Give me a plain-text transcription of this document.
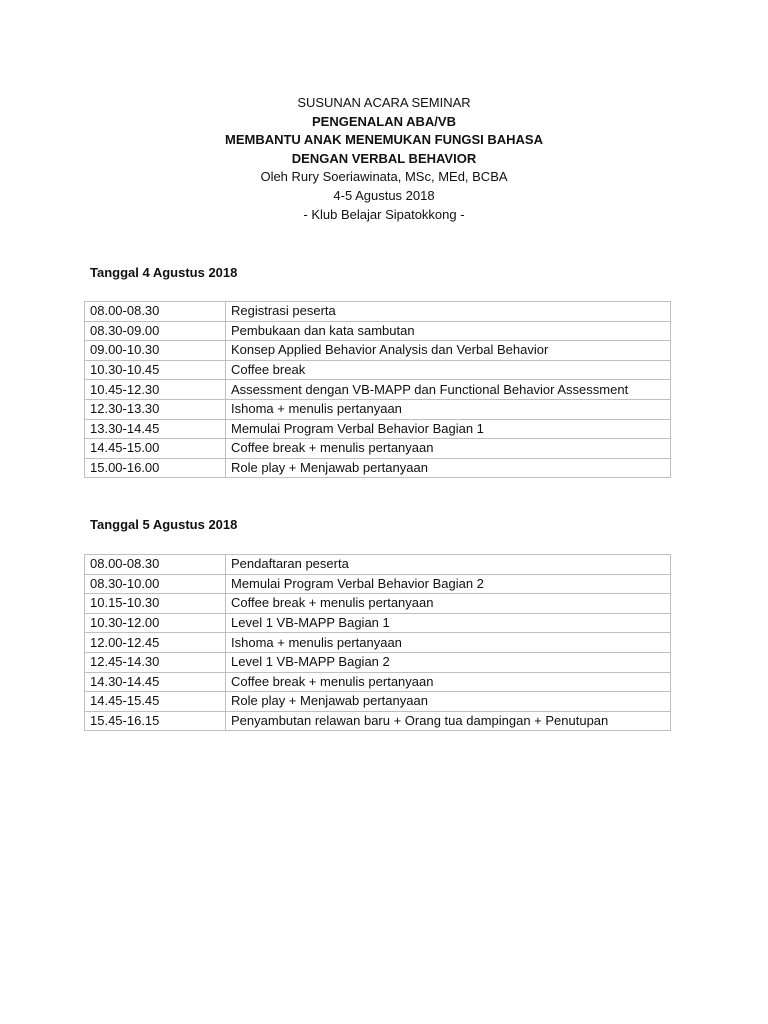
SUSUNAN ACARA SEMINAR
PENGENALAN ABA/VB
MEMBANTU ANAK MENEMUKAN FUNGSI BAHASA
DENGAN VERBAL BEHAVIOR
Oleh Rury Soeriawinata, MSc, MEd, BCBA
4-5 Agustus 2018
- Klub Belajar Sipatokkong -
Tanggal 4 Agustus 2018
08.00-08.30	Registrasi peserta
08.30-09.00	Pembukaan dan kata sambutan
09.00-10.30	Konsep Applied Behavior Analysis dan Verbal Behavior
10.30-10.45	Coffee break
10.45-12.30	Assessment dengan VB-MAPP dan Functional Behavior Assessment
12.30-13.30	Ishoma + menulis pertanyaan
13.30-14.45	Memulai Program Verbal Behavior Bagian 1
14.45-15.00	Coffee break + menulis pertanyaan
15.00-16.00	Role play + Menjawab pertanyaan
Tanggal 5 Agustus 2018
08.00-08.30	Pendaftaran peserta
08.30-10.00	Memulai Program Verbal Behavior Bagian 2
10.15-10.30	Coffee break + menulis pertanyaan
10.30-12.00	Level 1 VB-MAPP Bagian 1
12.00-12.45	Ishoma + menulis pertanyaan
12.45-14.30	Level 1 VB-MAPP Bagian 2
14.30-14.45	Coffee break + menulis pertanyaan
14.45-15.45	Role play + Menjawab pertanyaan
15.45-16.15	Penyambutan relawan baru + Orang tua dampingan + Penutupan
